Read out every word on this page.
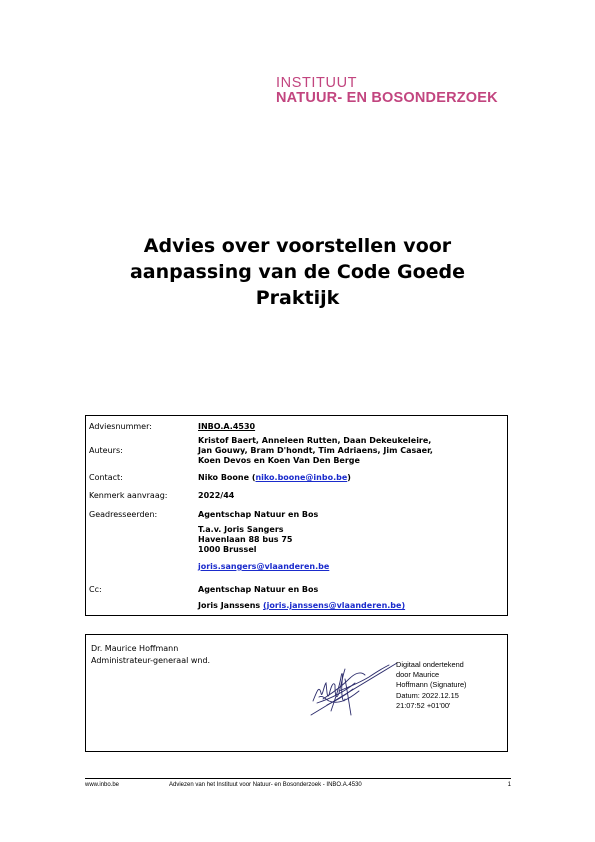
INSTITUUT
NATUUR- EN BOSONDERZOEK
Advies over voorstellen voor
aanpassing van de Code Goede
Praktijk
Adviesnummer:	INBO.A.4530
Auteurs:
Kristof Baert, Anneleen Rutten, Daan Dekeukeleire,
Jan Gouwy, Bram D'hondt, Tim Adriaens, Jim Casaer,
Koen Devos en Koen Van Den Berge
Contact:	Niko Boone (niko.boone@inbo.be)
Kenmerk aanvraag:	2022/44
Geadresseerden:	Agentschap Natuur en Bos
T.a.v. Joris Sangers
Havenlaan 88 bus 75
1000 Brussel
joris.sangers@vlaanderen.be
Cc:	Agentschap Natuur en Bos
Joris Janssens (joris.janssens@vlaanderen.be)
Dr. Maurice Hoffmann
Administrateur-generaal wnd.	Digitaal ondertekend
door Maurice
Hoffmann (Signature)
Datum: 2022.12.15
21:07:52 +01'00'
www.inbo.be	Adviezen van het Instituut voor Natuur- en Bosonderzoek - INBO.A.4530	1
